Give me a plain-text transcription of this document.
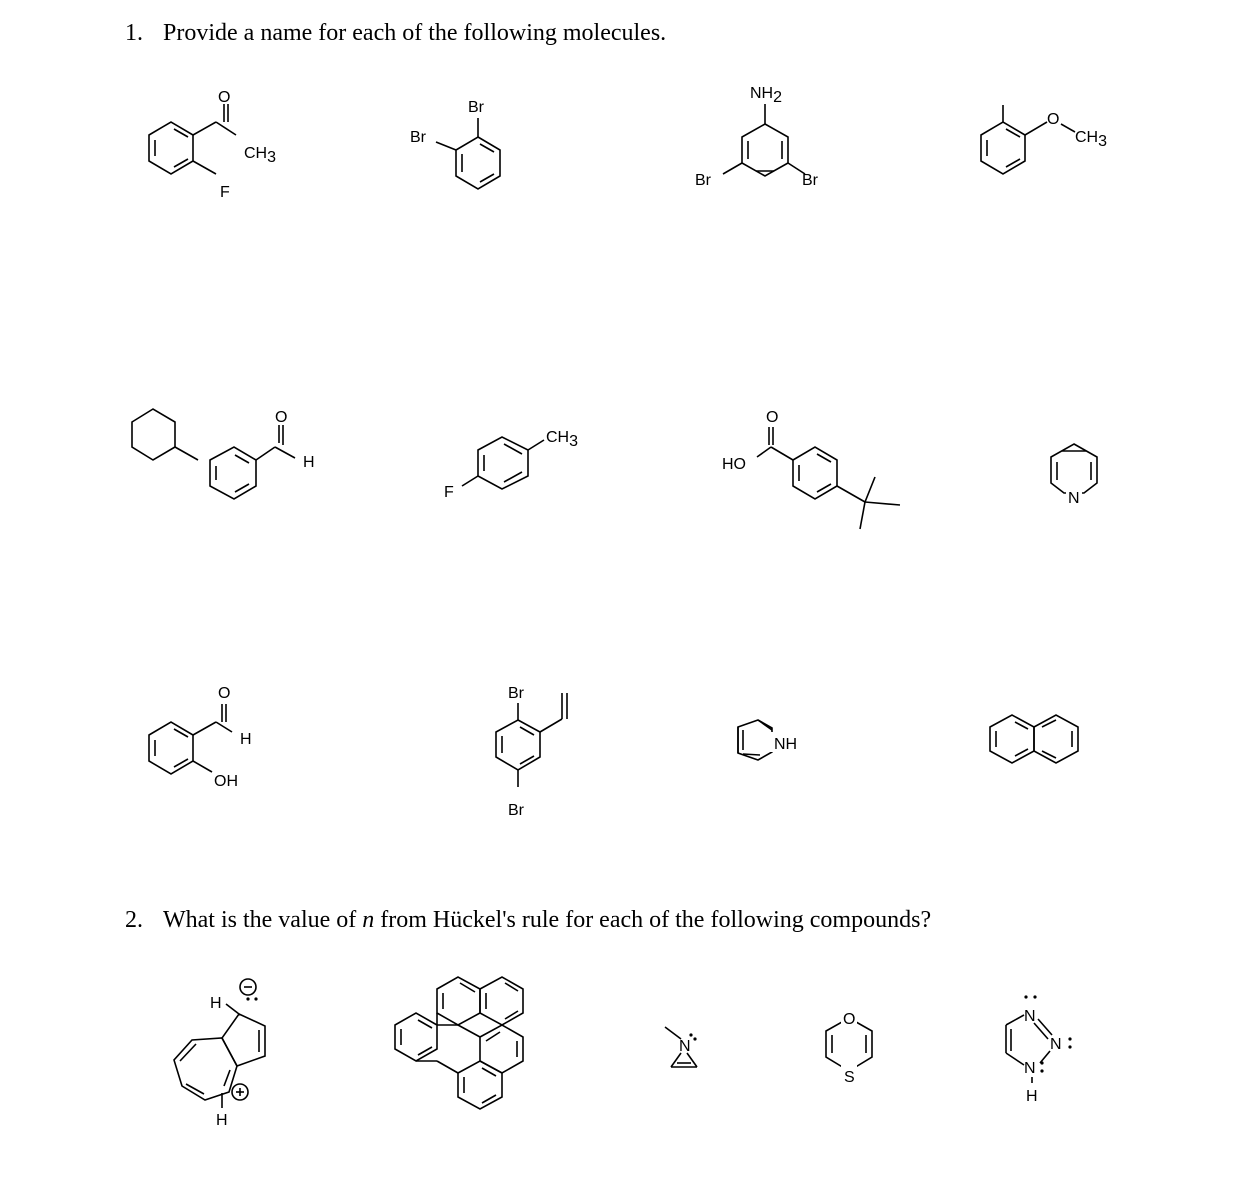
1. Provide a name for each of the following molecules.
2. What is the value of n from Hückel's rule for each of the following compounds?
O
CH3
F
Br
Br
NH2
Br	Br
O
CH3
O
H
CH3
F
O
HO
N
O
H
OH
Br
Br
NH
H
H
N
O
S
N
N
N
H
